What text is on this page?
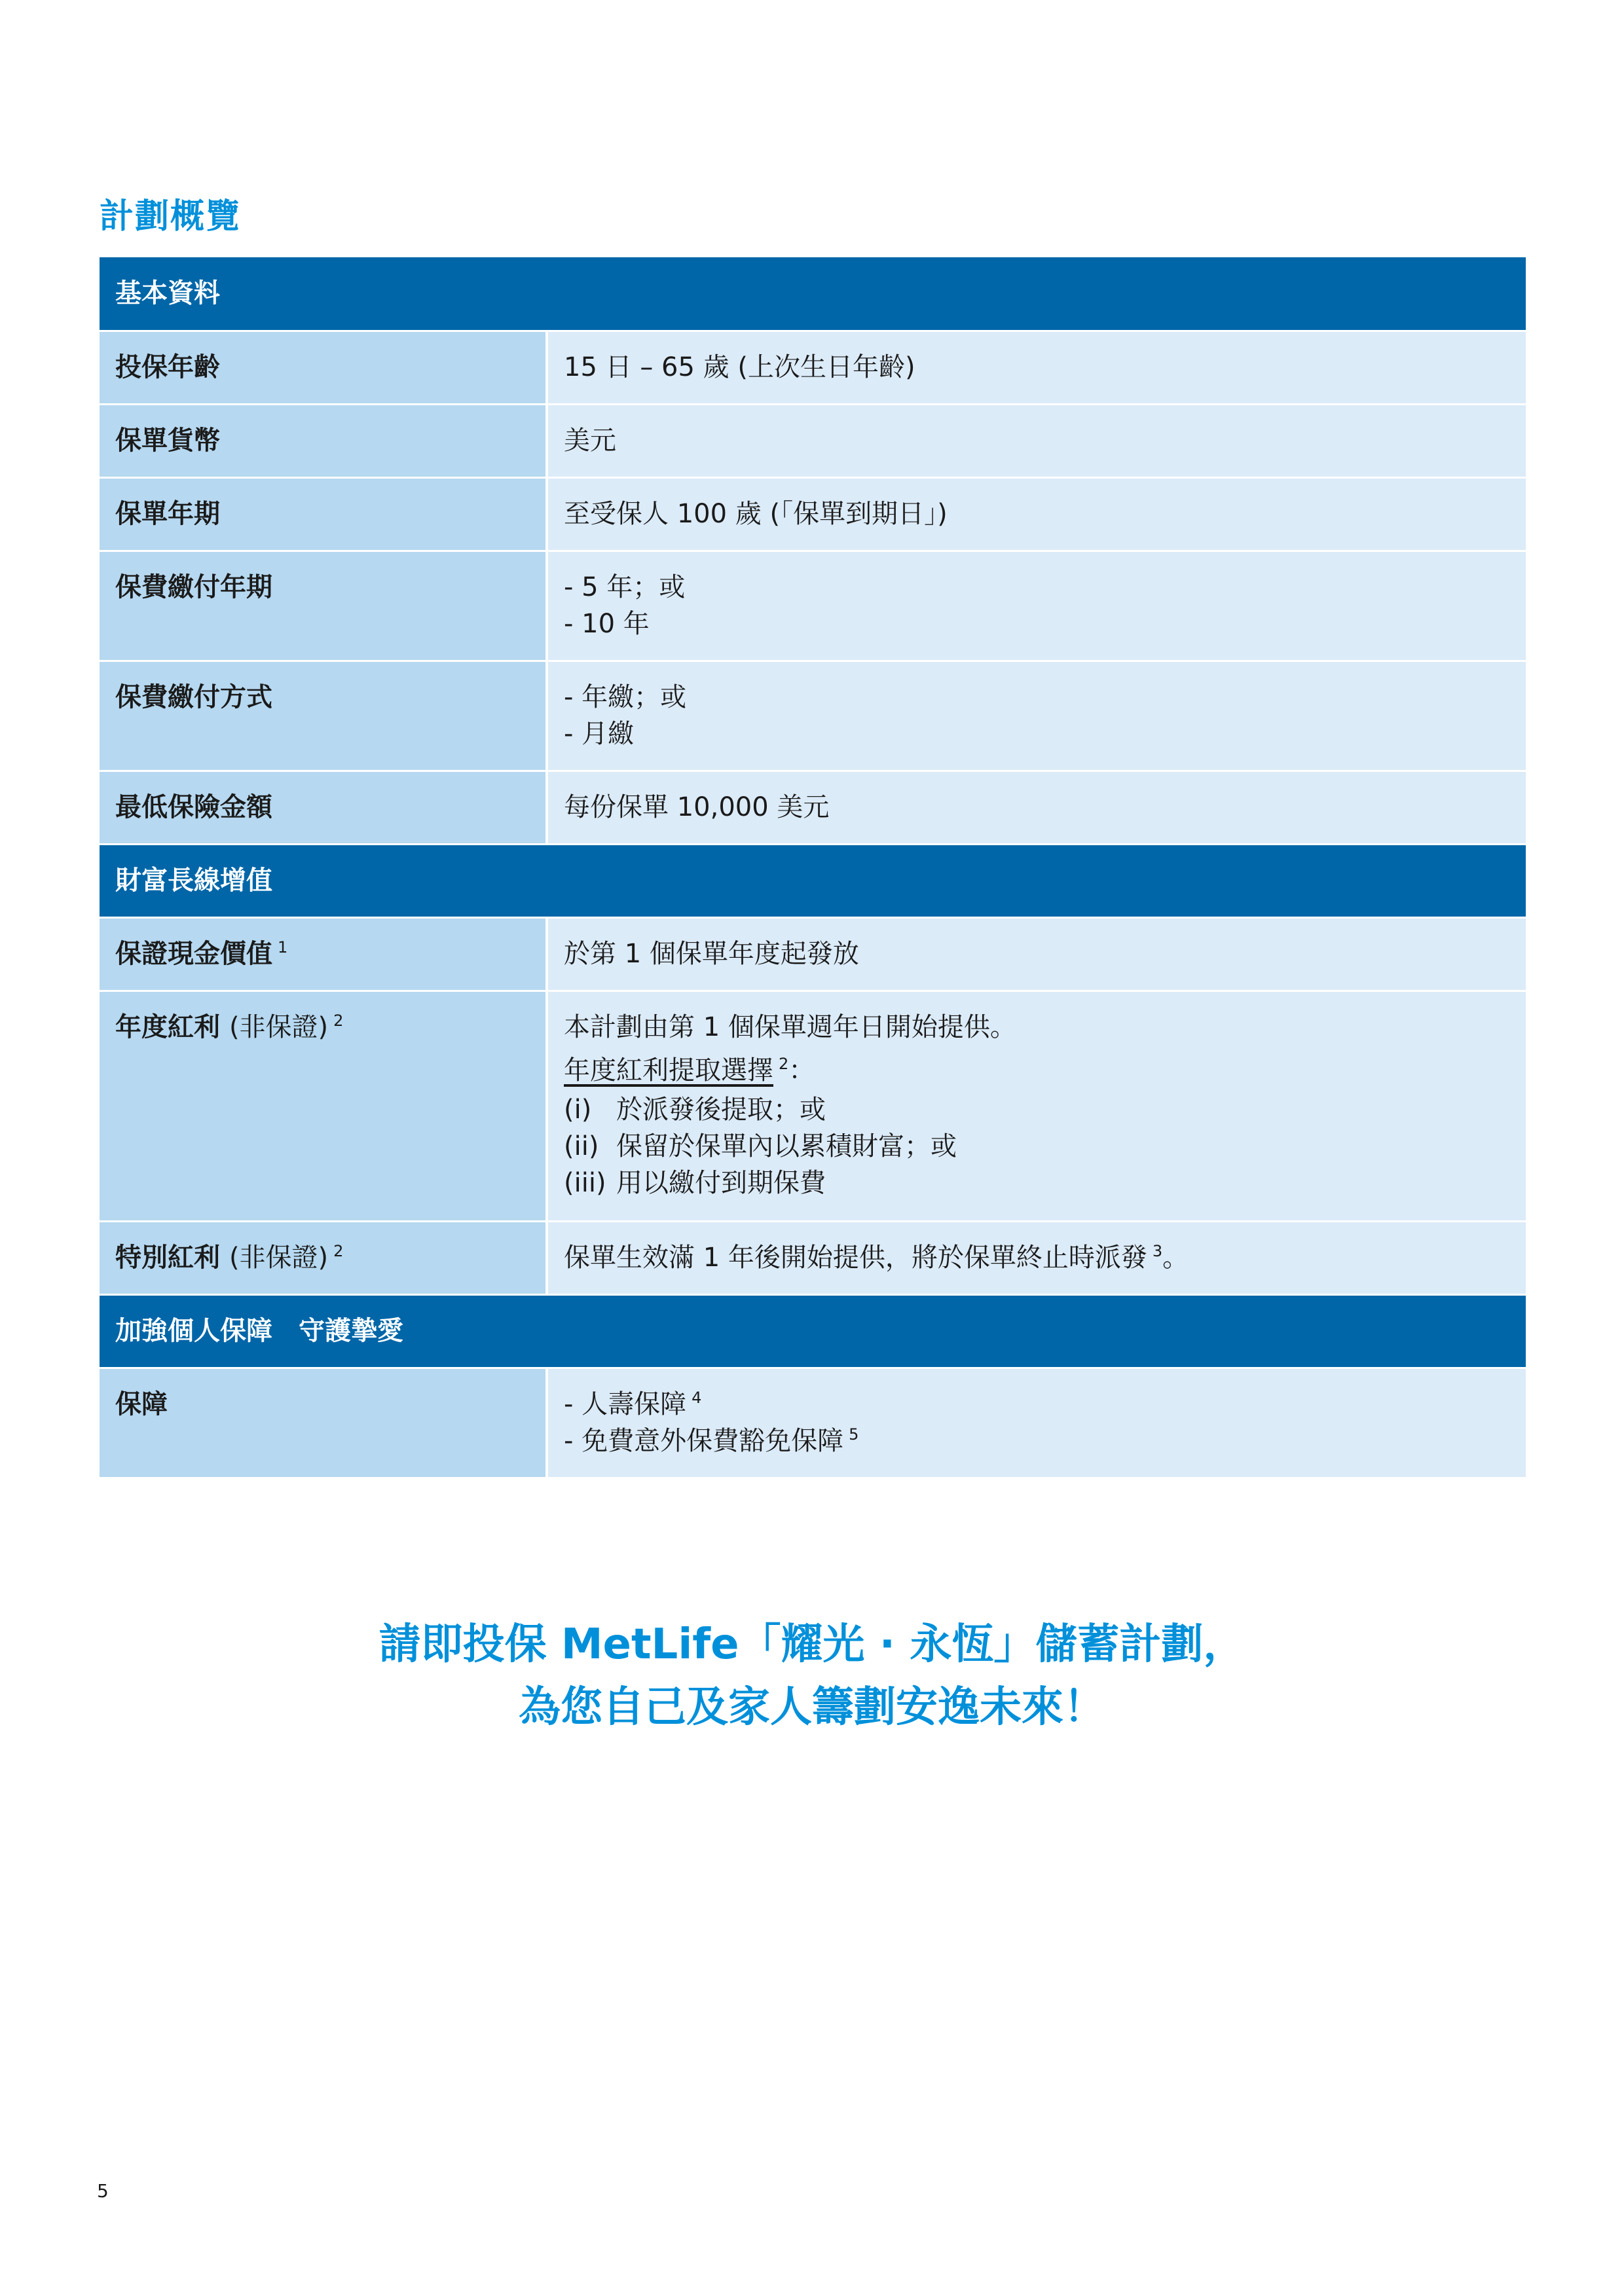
計劃概覽
基本資料	
投保年齡	15 日 – 65 歲 (上次生日年齡)
保單貨幣	美元
保單年期	至受保人 100 歲 (「保單到期日」)
保費繳付年期	- 5 年；或
- 10 年

保費繳付方式	- 年繳；或
- 月繳

最低保險金額	每份保單 10,000 美元
財富長線增值	
保證現金價值 $^1$	於第 1 個保單年度起發放
年度紅利 (非保證) $^2$	本計劃由第 1 個保單週年日開始提供。
年度紅利提取選擇 $^2$：
(i) 於派發後提取；或
(ii) 保留於保單內以累積財富；或
(iii) 用以繳付到期保費

特別紅利 (非保證) $^2$	保單生效滿 1 年後開始提供，將於保單終止時派發 $^3$。
加強個人保障　守護摯愛	
保障	- 人壽保障 $^4$
- 免費意外保費豁免保障 $^5$
請即投保 MetLife「耀光 · 永恆」儲蓄計劃，
為您自己及家人籌劃安逸未來！
5
